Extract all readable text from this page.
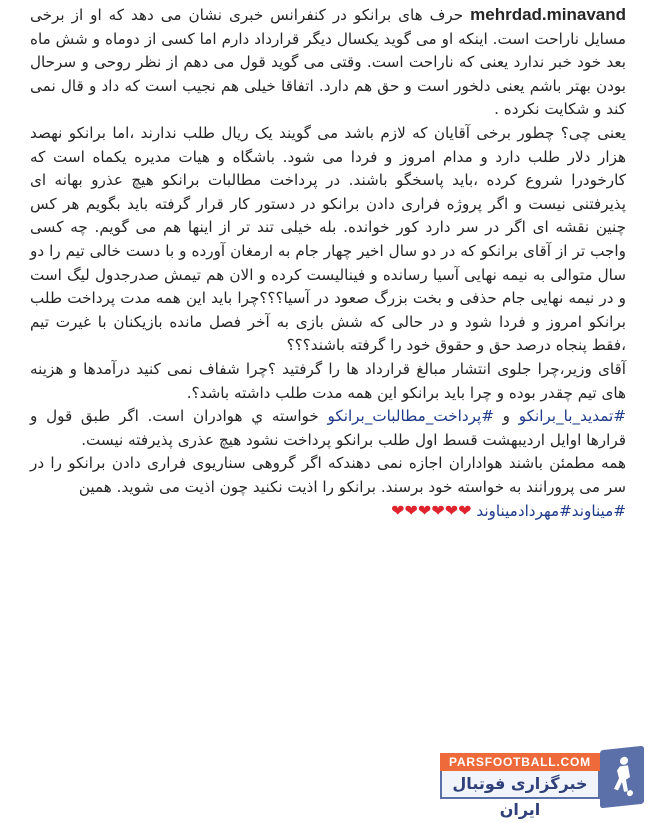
mehrdad.minavand حرف های برانکو در کنفرانس خبری نشان می دهد که او از برخی مسایل ناراحت است. اینکه او می گوید یکسال دیگر قرارداد دارم اما کسی از دوماه و شش ماه بعد خود خبر ندارد یعنی که ناراحت است. وقتی می گوید قول می دهم از نظر روحی و سرحال بودن بهتر باشم یعنی دلخور است و حق هم دارد. اتفاقا خیلی هم نجیب است که داد و قال نمی کند و شکایت نکرده .

یعنی چی؟ چطور برخی آقایان که لازم باشد می گویند یک ریال طلب ندارند ،اما برانکو نهصد هزار دلار طلب دارد و مدام امروز و فردا می شود. باشگاه و هیات مدیره یکماه است که کارخودرا شروع کرده ،باید پاسخگو باشند. در پرداخت مطالبات برانکو هیچ عذرو بهانه ای پذیرفتنی نیست و اگر پروژه فراری دادن برانکو در دستور کار قرار گرفته باید بگویم هر کس چنین نقشه ای اگر در سر دارد کور خوانده. بله خیلی تند تر از اینها هم می گویم. چه کسی واجب تر از آقای برانکو که در دو سال اخیر چهار جام به ارمغان آورده و با دست خالی تیم را دو سال متوالی به نیمه نهایی آسیا رسانده و فینالیست کرده و الان هم تیمش صدرجدول لیگ است و در نیمه نهایی جام حذفی و بخت بزرگ صعود در آسیا؟؟؟چرا باید این همه مدت پرداخت طلب برانکو امروز و فردا شود و در حالی که شش بازی به آخر فصل مانده بازیکنان با غیرت تیم ،فقط پنجاه درصد حق و حقوق خود را گرفته باشند؟؟؟

آقای وزیر،چرا جلوی انتشار مبالغ قرارداد ها را گرفتید ؟چرا شفاف نمی کنید درآمدها و هزینه های تیم چقدر بوده و چرا باید برانکو این همه مدت طلب داشته باشد؟.

#تمدید_با_برانکو و #پرداخت_مطالبات_برانکو خواسته ي هوادران است. اگر طبق قول و قرارها اوایل اردیبهشت قسط اول طلب برانکو پرداخت نشود هیچ عذری پذیرفته نیست.

همه مطمئن باشند هواداران اجازه نمی دهندکه اگر گروهی سناریوی فراری دادن برانکو را در سر می پرورانند به خواسته خود برسند. برانکو را اذیت نکنید چون اذیت می شوید. همین

#میناوند#مهردادميناوند ❤❤❤❤❤❤

PARSFOOTBALL.COM
خبرگزاری فوتبال ایران
